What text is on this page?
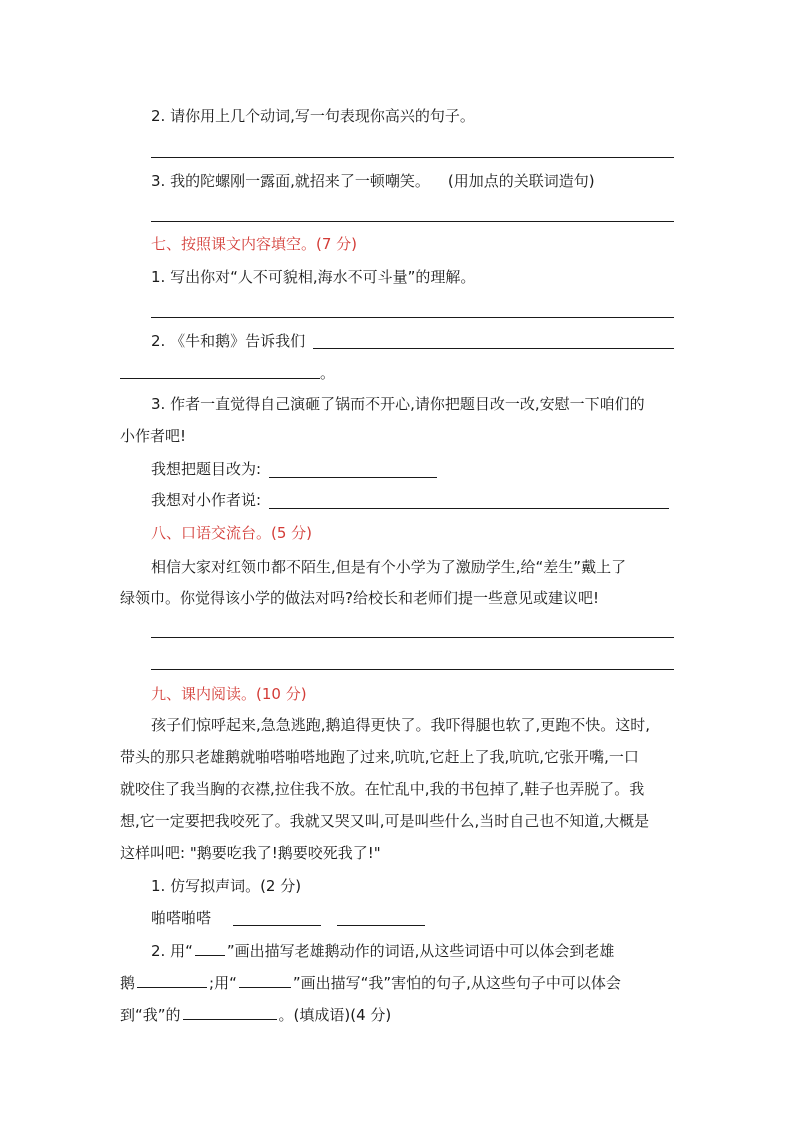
2. 请你用上几个动词,写一句表现你高兴的句子。
3. 我的陀螺刚一露面,就招来了一顿嘲笑。 (用加点的关联词造句)
七、按照课文内容填空。(7 分)
1. 写出你对“人不可貌相,海水不可斗量”的理解。
2. 《牛和鹅》告诉我们
。
3. 作者一直觉得自己演砸了锅而不开心,请你把题目改一改,安慰一下咱们的
小作者吧!
我想把题目改为:
我想对小作者说:
八、口语交流台。(5 分)
相信大家对红领巾都不陌生,但是有个小学为了激励学生,给“差生”戴上了
绿领巾。你觉得该小学的做法对吗?给校长和老师们提一些意见或建议吧!
九、课内阅读。(10 分)
孩子们惊呼起来,急急逃跑,鹅追得更快了。我吓得腿也软了,更跑不快。这时,
带头的那只老雄鹅就啪嗒啪嗒地跑了过来,吭吭,它赶上了我,吭吭,它张开嘴,一口
就咬住了我当胸的衣襟,拉住我不放。在忙乱中,我的书包掉了,鞋子也弄脱了。我
想,它一定要把我咬死了。我就又哭又叫,可是叫些什么,当时自己也不知道,大概是
这样叫吧: "鹅要吃我了!鹅要咬死我了!"
1. 仿写拟声词。(2 分)
啪嗒啪嗒
2. 用“ ”画出描写老雄鹅动作的词语,从这些词语中可以体会到老雄
鹅	;用“	”画出描写“我”害怕的句子,从这些句子中可以体会
到“我”的	。(填成语)(4 分)
